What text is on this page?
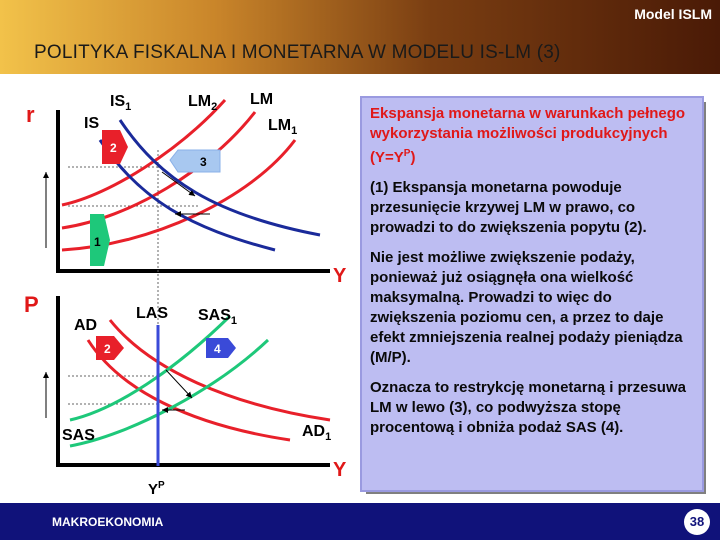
Model ISLM
POLITYKA FISKALNA I MONETARNA W MODELU IS-LM (3)
r
Y
$IS_1$
IS
$LM_2$ LM
$LM_1$
2
3
1
P
Y
AD
LAS $SAS_1$
SAS	$AD_1$
$Y^P$
2	4

Ekspansja monetarna w warunkach pełnego wykorzystania możliwości produkcyjnych $(Y=Y^P)$

(1) Ekspansja monetarna powoduje przesunięcie krzywej LM w prawo, co prowadzi to do zwiększenia popytu (2).

Nie jest możliwe zwiększenie podaży, ponieważ już osiągnęła ona wielkość maksymalną. Prowadzi to więc do zwiększenia poziomu cen, a przez to daje efekt zmniejszenia realnej podaży pieniądza (M/P).

Oznacza to restrykcję monetarną i przesuwa LM w lewo (3), co podwyższa stopę procentową i obniża podaż SAS (4).

MAKROEKONOMIA	38
